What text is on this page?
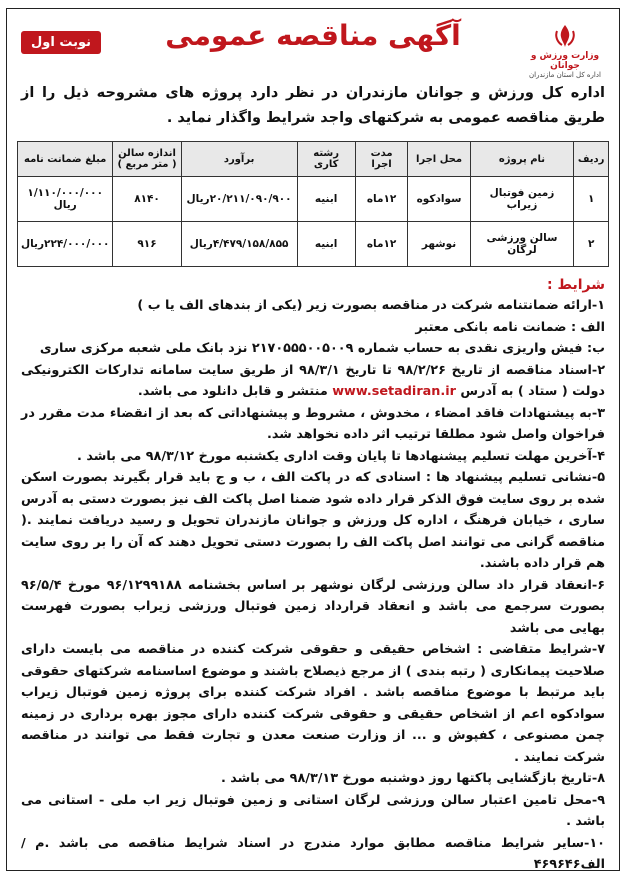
نوبت اول	آگهی مناقصه عمومی
وزارت ورزش و جوانان
اداره کل استان مازندران
اداره کل ورزش و جوانان مازندران در نظر دارد پروژه های مشروحه ذیل را از طریق مناقصه عمومی به شرکتهای واجد شرایط واگذار نماید .
ردیف	نام پروژه	محل اجرا	مدت اجرا	رشته کاری	برآورد	اندازه سالن ( متر مربع )	مبلغ ضمانت نامه
۱	زمین فوتبال زیراب	سوادکوه	۱۲ماه	ابنیه	۲۰/۲۱۱/۰۹۰/۹۰۰ریال	۸۱۴۰	۱/۱۱۰/۰۰۰/۰۰۰ ریال
۲	سالن ورزشی لرگان	نوشهر	۱۲ماه	ابنیه	۴/۴۷۹/۱۵۸/۸۵۵ریال	۹۱۶	۲۲۴/۰۰۰/۰۰۰ریال
شرایط :

۱-ارائه ضمانتنامه شرکت در مناقصه بصورت زیر (یکی از بندهای الف یا ب )

الف : ضمانت نامه بانکی معتبر

ب: فیش واریزی نقدی به حساب شماره ۲۱۷۰۵۵۵۰۰۵۰۰۹ نزد بانک ملی شعبه مرکزی ساری

۲-اسناد مناقصه از تاریخ ۹۸/۲/۲۶ تا تاریخ ۹۸/۳/۱ از طریق سایت سامانه تدارکات الکترونیکی دولت ( ستاد ) به آدرس www.setadiran.ir منتشر و قابل دانلود می باشد.

۳-به پیشنهادات فاقد امضاء ، مخدوش ، مشروط و پیشنهاداتی که بعد از انقضاء مدت مقرر در فراخوان واصل شود مطلقا ترتیب اثر داده نخواهد شد.

۴-آخرین مهلت تسلیم پیشنهادها تا پایان وقت اداری یکشنبه مورخ ۹۸/۳/۱۲ می باشد .

۵-نشانی تسلیم پیشنهاد ها : اسنادی که در پاکت الف ، ب و ج باید قرار بگیرند بصورت اسکن شده بر روی سایت فوق الذکر قرار داده شود ضمنا اصل پاکت الف نیز بصورت دستی به آدرس ساری ، خیابان فرهنگ ، اداره کل ورزش و جوانان مازندران تحویل و رسید دریافت نمایند .( مناقصه گرانی می توانند اصل پاکت الف را بصورت دستی تحویل دهند که آن را بر روی سایت هم قرار داده باشند.

۶-انعقاد قرار داد سالن ورزشی لرگان نوشهر بر اساس بخشنامه ۹۶/۱۲۹۹۱۸۸ مورخ ۹۶/۵/۴ بصورت سرجمع می باشد و انعقاد قرارداد زمین فوتبال ورزشی زیراب بصورت فهرست بهایی می باشد

۷-شرایط متقاضی : اشخاص حقیقی و حقوقی شرکت کننده در مناقصه می بایست دارای صلاحیت پیمانکاری ( رتبه بندی ) از مرجع ذیصلاح باشند و موضوع اساسنامه شرکتهای حقوقی باید مرتبط با موضوع مناقصه باشد . افراد شرکت کننده برای پروژه زمین فوتبال زیراب سوادکوه اعم از اشخاص حقیقی و حقوقی شرکت کننده دارای مجوز بهره برداری در زمینه چمن مصنوعی ، کفپوش و ... از وزارت صنعت معدن و تجارت فقط می توانند در مناقصه شرکت نمایند .

۸-تاریخ بازگشایی پاکتها روز دوشنبه مورخ ۹۸/۳/۱۳ می باشد .

۹-محل تامین اعتبار سالن ورزشی لرگان استانی و زمین فوتبال زیر اب ملی - استانی می باشد .

۱۰-سایر شرایط مناقصه مطابق موارد مندرج در اسناد شرایط مناقصه می باشد .م /الف۴۶۹۶۴۶
